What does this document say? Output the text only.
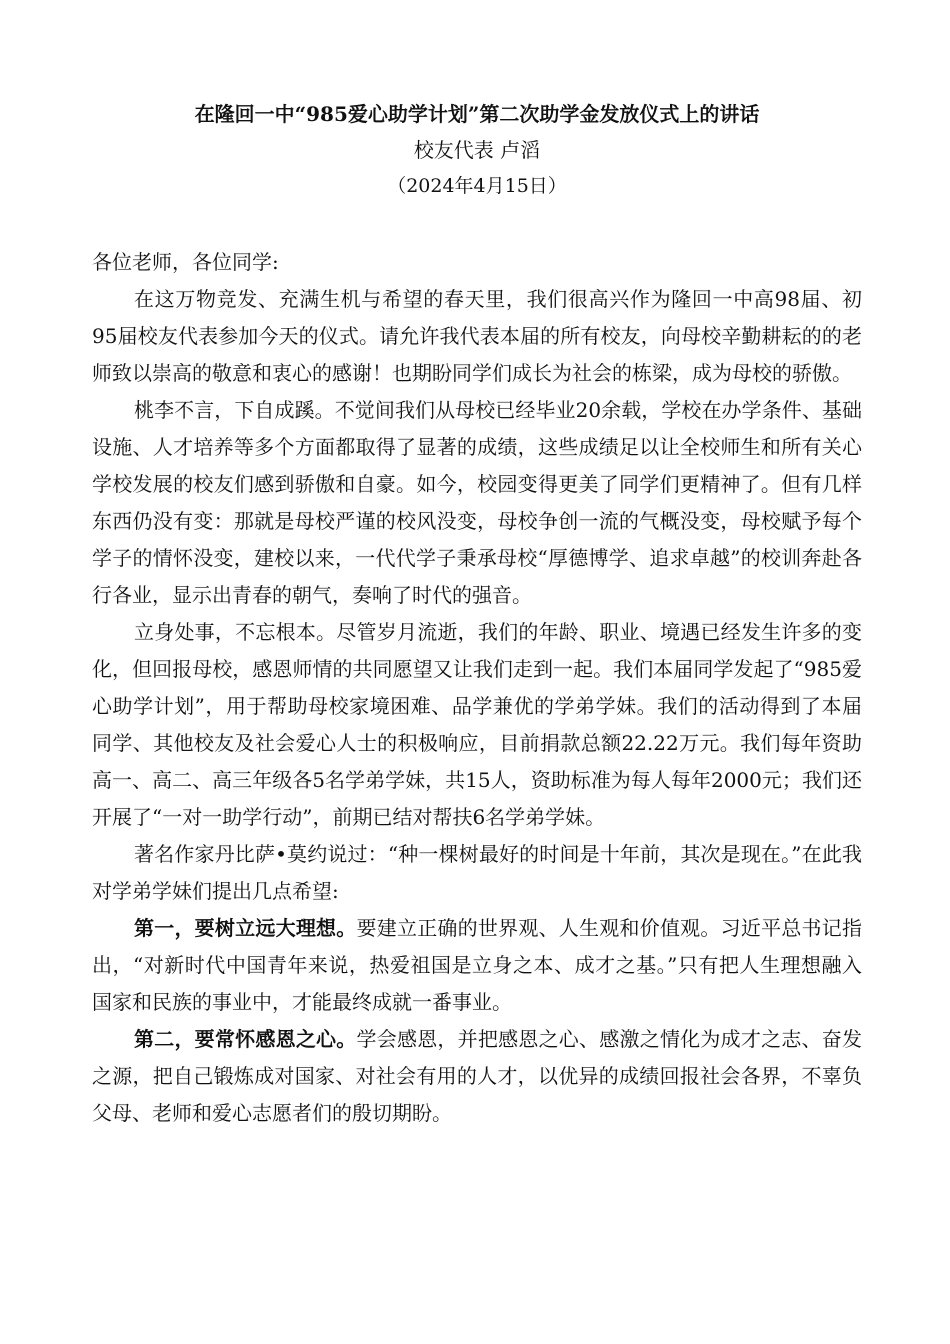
在隆回一中“985爱心助学计划”第二次助学金发放仪式上的讲话

校友代表 卢滔

（2024年4月15日）

各位老师，各位同学:

在这万物竞发、充满生机与希望的春天里，我们很高兴作为隆回一中高98届、初95届校友代表参加今天的仪式。请允许我代表本届的所有校友，向母校辛勤耕耘的的老师致以崇高的敬意和衷心的感谢！也期盼同学们成长为社会的栋梁，成为母校的骄傲。

桃李不言，下自成蹊。不觉间我们从母校已经毕业20余载，学校在办学条件、基础设施、人才培养等多个方面都取得了显著的成绩，这些成绩足以让全校师生和所有关心学校发展的校友们感到骄傲和自豪。如今，校园变得更美了同学们更精神了。但有几样东西仍没有变：那就是母校严谨的校风没变，母校争创一流的气概没变，母校赋予每个学子的情怀没变，建校以来，一代代学子秉承母校“厚德博学、追求卓越”的校训奔赴各行各业，显示出青春的朝气，奏响了时代的强音。

立身处事，不忘根本。尽管岁月流逝，我们的年龄、职业、境遇已经发生许多的变化，但回报母校，感恩师情的共同愿望又让我们走到一起。我们本届同学发起了“985爱心助学计划”，用于帮助母校家境困难、品学兼优的学弟学妹。我们的活动得到了本届同学、其他校友及社会爱心人士的积极响应，目前捐款总额22.22万元。我们每年资助高一、高二、高三年级各5名学弟学妹，共15人，资助标准为每人每年2000元；我们还开展了“一对一助学行动”，前期已结对帮扶6名学弟学妹。

著名作家丹比萨•莫约说过：“种一棵树最好的时间是十年前，其次是现在。”在此我对学弟学妹们提出几点希望:

第一，要树立远大理想。要建立正确的世界观、人生观和价值观。习近平总书记指出，“对新时代中国青年来说，热爱祖国是立身之本、成才之基。”只有把人生理想融入国家和民族的事业中，才能最终成就一番事业。

第二，要常怀感恩之心。学会感恩，并把感恩之心、感激之情化为成才之志、奋发之源，把自己锻炼成对国家、对社会有用的人才，以优异的成绩回报社会各界，不辜负父母、老师和爱心志愿者们的殷切期盼。
